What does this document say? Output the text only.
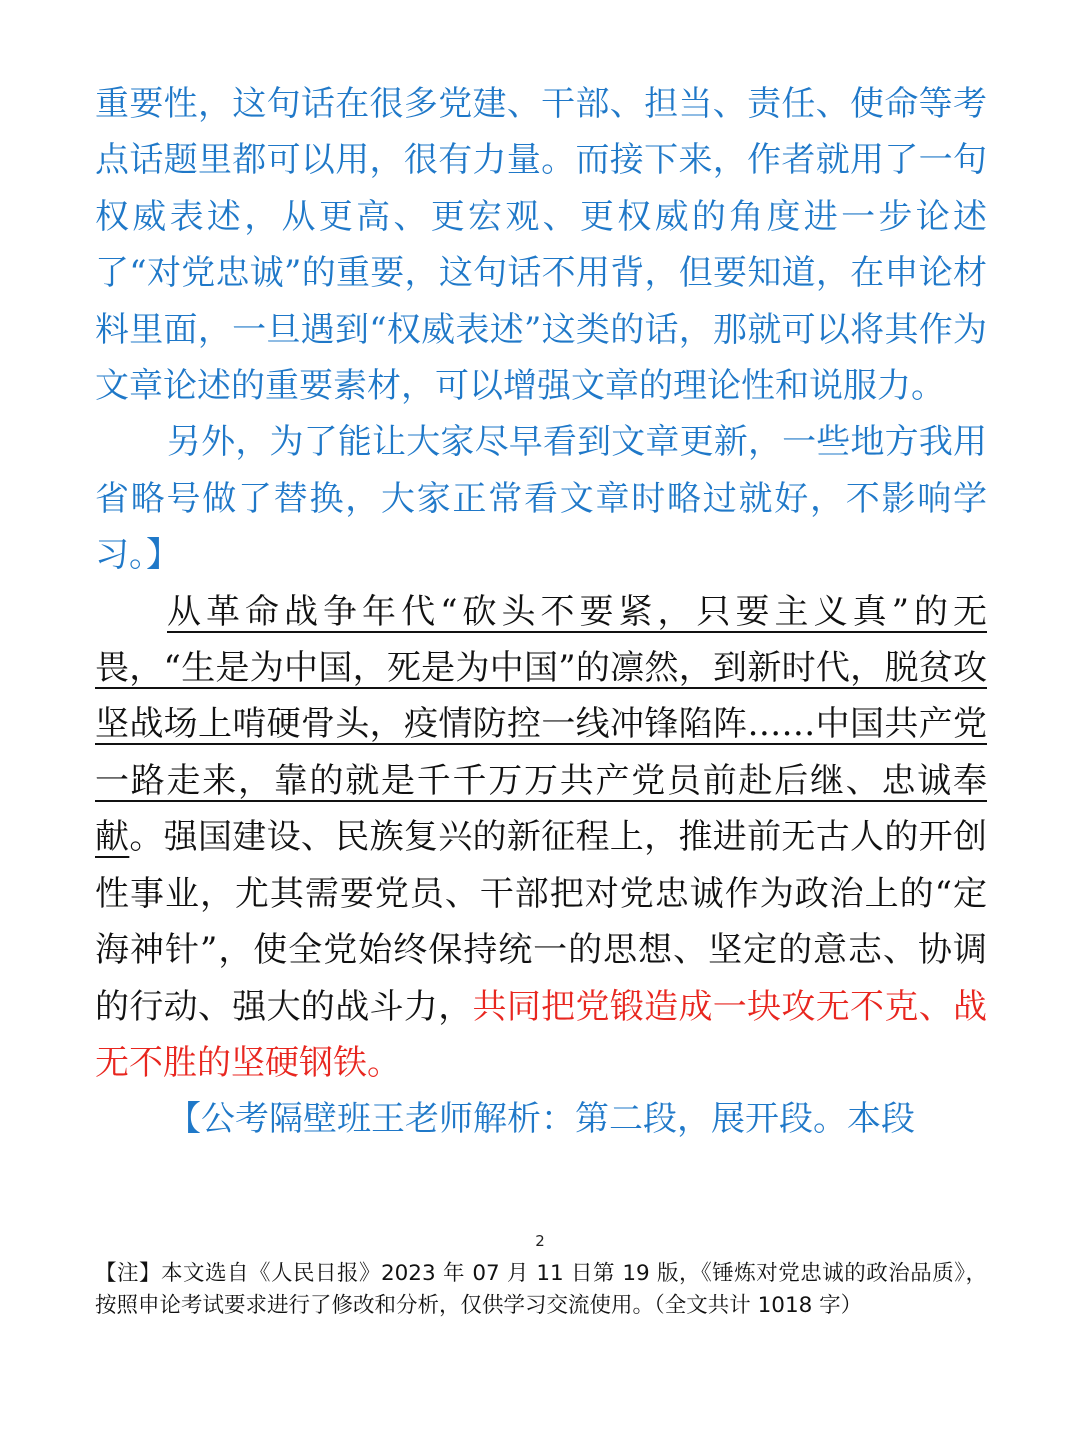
重要性，这句话在很多党建、干部、担当、责任、使命等考点话题里都可以用，很有力量。而接下来，作者就用了一句权威表述，从更高、更宏观、更权威的角度进一步论述了“对党忠诚”的重要，这句话不用背，但要知道，在申论材料里面，一旦遇到“权威表述”这类的话，那就可以将其作为文章论述的重要素材，可以增强文章的理论性和说服力。

另外，为了能让大家尽早看到文章更新，一些地方我用省略号做了替换，大家正常看文章时略过就好，不影响学习。】

从革命战争年代“砍头不要紧，只要主义真”的无畏，“生是为中国，死是为中国”的凛然，到新时代，脱贫攻坚战场上啃硬骨头，疫情防控一线冲锋陷阵……中国共产党一路走来，靠的就是千千万万共产党员前赴后继、忠诚奉献。强国建设、民族复兴的新征程上，推进前无古人的开创性事业，尤其需要党员、干部把对党忠诚作为政治上的“定海神针”，使全党始终保持统一的思想、坚定的意志、协调的行动、强大的战斗力，共同把党锻造成一块攻无不克、战无不胜的坚硬钢铁。

【公考隔壁班王老师解析：第二段，展开段。本段

2
【注】本文选自《人民日报》2023 年 07 月 11 日第 19 版，《锤炼对党忠诚的政治品质》，按照申论考试要求进行了修改和分析，仅供学习交流使用。（全文共计 1018 字）
